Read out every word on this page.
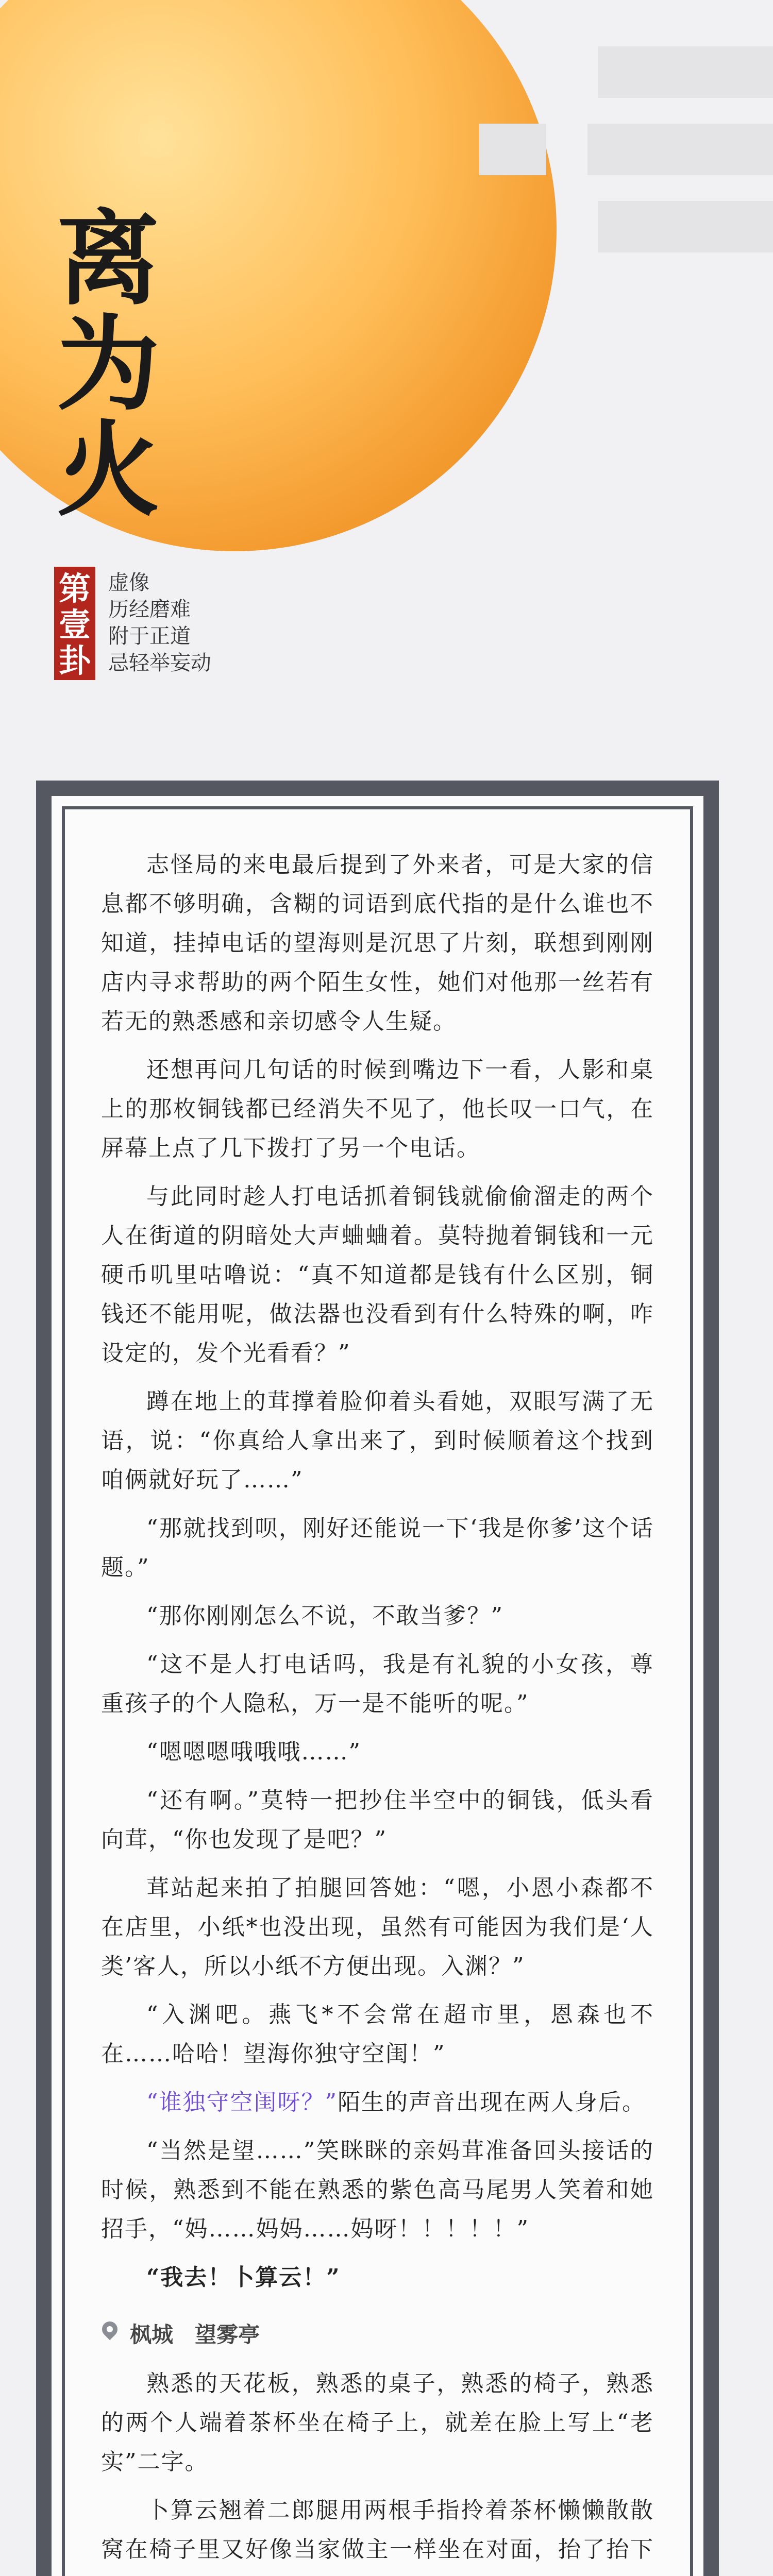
离
为
火
第
壹
卦
虚像
历经磨难
附于正道
忌轻举妄动

志怪局的来电最后提到了外来者，可是大家的信息都不够明确，含糊的词语到底代指的是什么谁也不知道，挂掉电话的望海则是沉思了片刻，联想到刚刚店内寻求帮助的两个陌生女性，她们对他那一丝若有若无的熟悉感和亲切感令人生疑。

还想再问几句话的时候到嘴边下一看，人影和桌上的那枚铜钱都已经消失不见了，他长叹一口气，在屏幕上点了几下拨打了另一个电话。

与此同时趁人打电话抓着铜钱就偷偷溜走的两个人在街道的阴暗处大声蛐蛐着。莫特抛着铜钱和一元硬币叽里咕噜说：“真不知道都是钱有什么区别，铜钱还不能用呢，做法器也没看到有什么特殊的啊，咋设定的，发个光看看？”

蹲在地上的茸撑着脸仰着头看她，双眼写满了无语，说：“你真给人拿出来了，到时候顺着这个找到咱俩就好玩了……”

“那就找到呗，刚好还能说一下‘我是你爹’这个话题。”

“那你刚刚怎么不说，不敢当爹？”

“这不是人打电话吗，我是有礼貌的小女孩，尊重孩子的个人隐私，万一是不能听的呢。”

“嗯嗯嗯哦哦哦……”

“还有啊。”莫特一把抄住半空中的铜钱，低头看向茸，“你也发现了是吧？”

茸站起来拍了拍腿回答她：“嗯，小恩小森都不在店里，小纸*也没出现，虽然有可能因为我们是‘人类’客人，所以小纸不方便出现。入渊？”

“入渊吧。燕飞*不会常在超市里，恩森也不在……哈哈！望海你独守空闺！”

“谁独守空闺呀？”陌生的声音出现在两人身后。

“当然是望……”笑眯眯的亲妈茸准备回头接话的时候，熟悉到不能在熟悉的紫色高马尾男人笑着和她招手，“妈……妈妈……妈呀！！！！！”

“我去！卜算云！”

枫城　望雾亭

熟悉的天花板，熟悉的桌子，熟悉的椅子，熟悉的两个人端着茶杯坐在椅子上，就差在脸上写上“老实”二字。

卜算云翘着二郎腿用两根手指拎着茶杯懒懒散散窝在椅子里又好像当家做主一样坐在对面，抬了抬下
